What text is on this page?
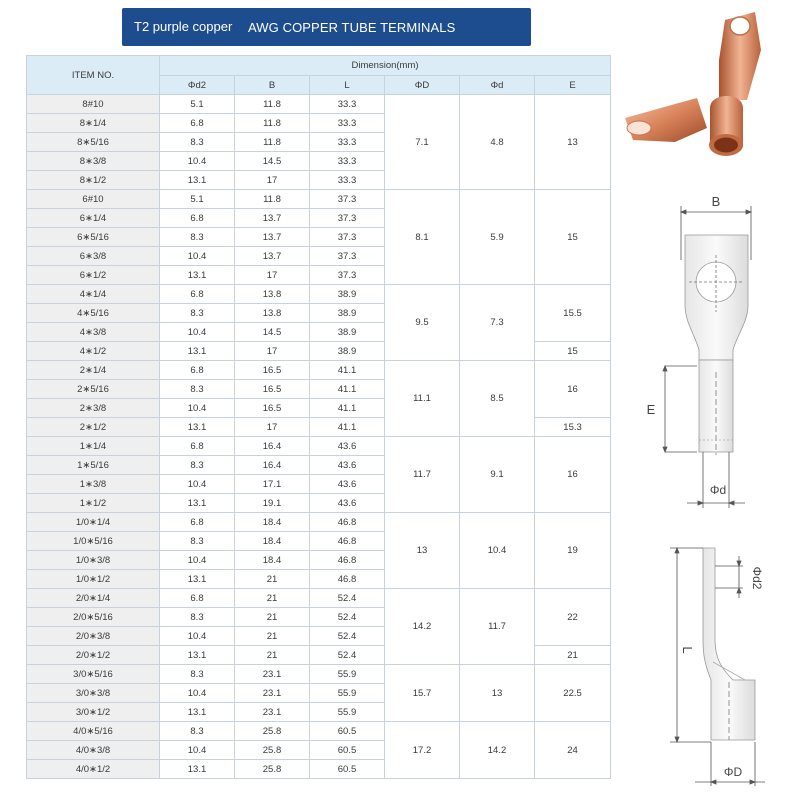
T2 purple copper AWG COPPER TUBE TERMINALS
ITEM NO.	Dimension(mm)					
	Φd2	B	L	ΦD	Φd	E
8#10	5.1	11.8	33.3	7.1	4.8	13
8∗1/4	6.8	11.8	33.3			
8∗5/16	8.3	11.8	33.3			
8∗3/8	10.4	14.5	33.3			
8∗1/2	13.1	17	33.3			
6#10	5.1	11.8	37.3	8.1	5.9	15
6∗1/4	6.8	13.7	37.3			
6∗5/16	8.3	13.7	37.3			
6∗3/8	10.4	13.7	37.3			
6∗1/2	13.1	17	37.3			
4∗1/4	6.8	13.8	38.9	9.5	7.3	15.5
4∗5/16	8.3	13.8	38.9			
4∗3/8	10.4	14.5	38.9			
4∗1/2	13.1	17	38.9			15
2∗1/4	6.8	16.5	41.1	11.1	8.5	16
2∗5/16	8.3	16.5	41.1			
2∗3/8	10.4	16.5	41.1			
2∗1/2	13.1	17	41.1			15.3
1∗1/4	6.8	16.4	43.6	11.7	9.1	16
1∗5/16	8.3	16.4	43.6			
1∗3/8	10.4	17.1	43.6			
1∗1/2	13.1	19.1	43.6			
1/0∗1/4	6.8	18.4	46.8	13	10.4	19
1/0∗5/16	8.3	18.4	46.8			
1/0∗3/8	10.4	18.4	46.8			
1/0∗1/2	13.1	21	46.8			
2/0∗1/4	6.8	21	52.4	14.2	11.7	22
2/0∗5/16	8.3	21	52.4			
2/0∗3/8	10.4	21	52.4			
2/0∗1/2	13.1	21	52.4			21
3/0∗5/16	8.3	23.1	55.9	15.7	13	22.5
3/0∗3/8	10.4	23.1	55.9			
3/0∗1/2	13.1	23.1	55.9			
4/0∗5/16	8.3	25.8	60.5	17.2	14.2	24
4/0∗3/8	10.4	25.8	60.5			
4/0∗1/2	13.1	25.8	60.5			
B
E
Φd
Φd2
L
ΦD
